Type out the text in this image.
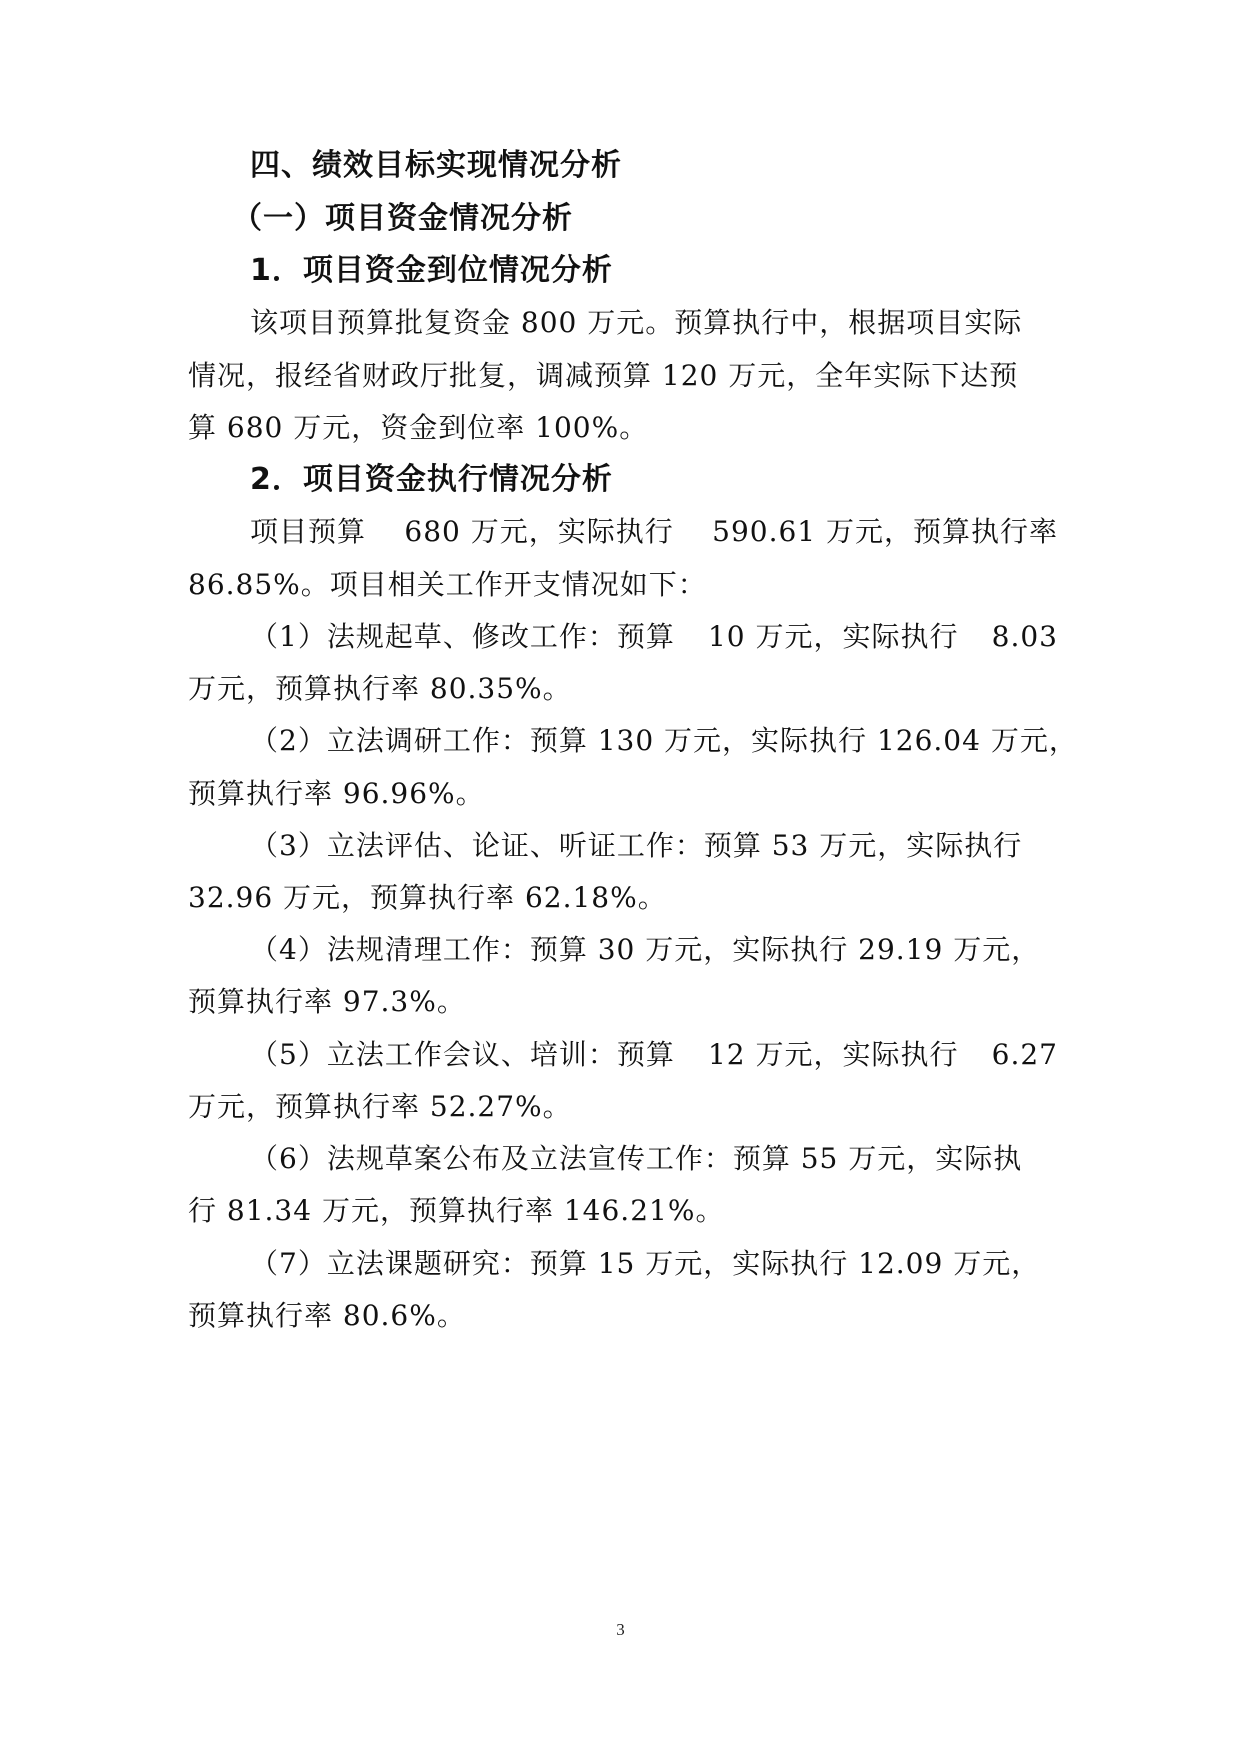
四、绩效目标实现情况分析
（一）项目资金情况分析
1．项目资金到位情况分析
该项目预算批复资金 800 万元。预算执行中，根据项目实际
情况，报经省财政厅批复，调减预算 120 万元，全年实际下达预
算 680 万元，资金到位率 100%。
2．项目资金执行情况分析
项目预算 680 万元，实际执行 590.61 万元，预算执行率
86.85%。项目相关工作开支情况如下：
（1）法规起草、修改工作：预算 10 万元，实际执行 8.03
万元，预算执行率 80.35%。
（2）立法调研工作：预算 130 万元，实际执行 126.04 万元，
预算执行率 96.96%。
（3）立法评估、论证、听证工作：预算 53 万元，实际执行
32.96 万元，预算执行率 62.18%。
（4）法规清理工作：预算 30 万元，实际执行 29.19 万元，
预算执行率 97.3%。
（5）立法工作会议、培训：预算 12 万元，实际执行 6.27
万元，预算执行率 52.27%。
（6）法规草案公布及立法宣传工作：预算 55 万元，实际执
行 81.34 万元，预算执行率 146.21%。
（7）立法课题研究：预算 15 万元，实际执行 12.09 万元，
预算执行率 80.6%。
3
